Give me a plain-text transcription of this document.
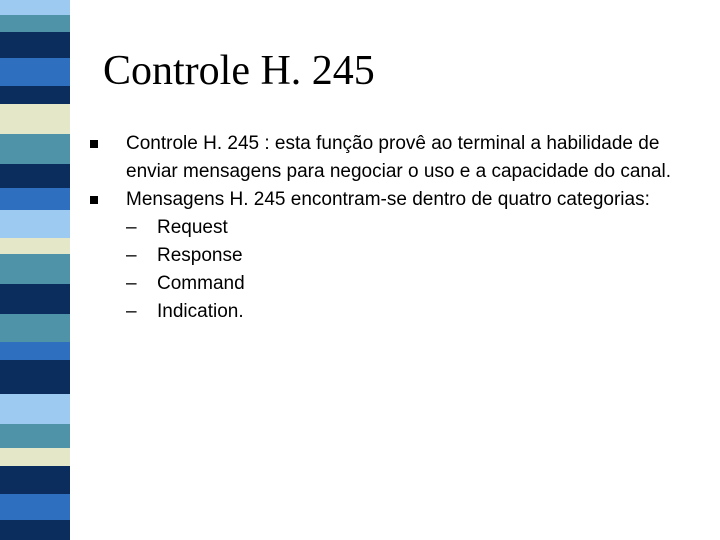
Controle H. 245

Controle H. 245 : esta função provê ao terminal a habilidade de enviar mensagens para negociar o uso e a capacidade do canal.

Mensagens H. 245 encontram-se dentro de quatro categorias:

– Request

– Response

– Command

– Indication.
